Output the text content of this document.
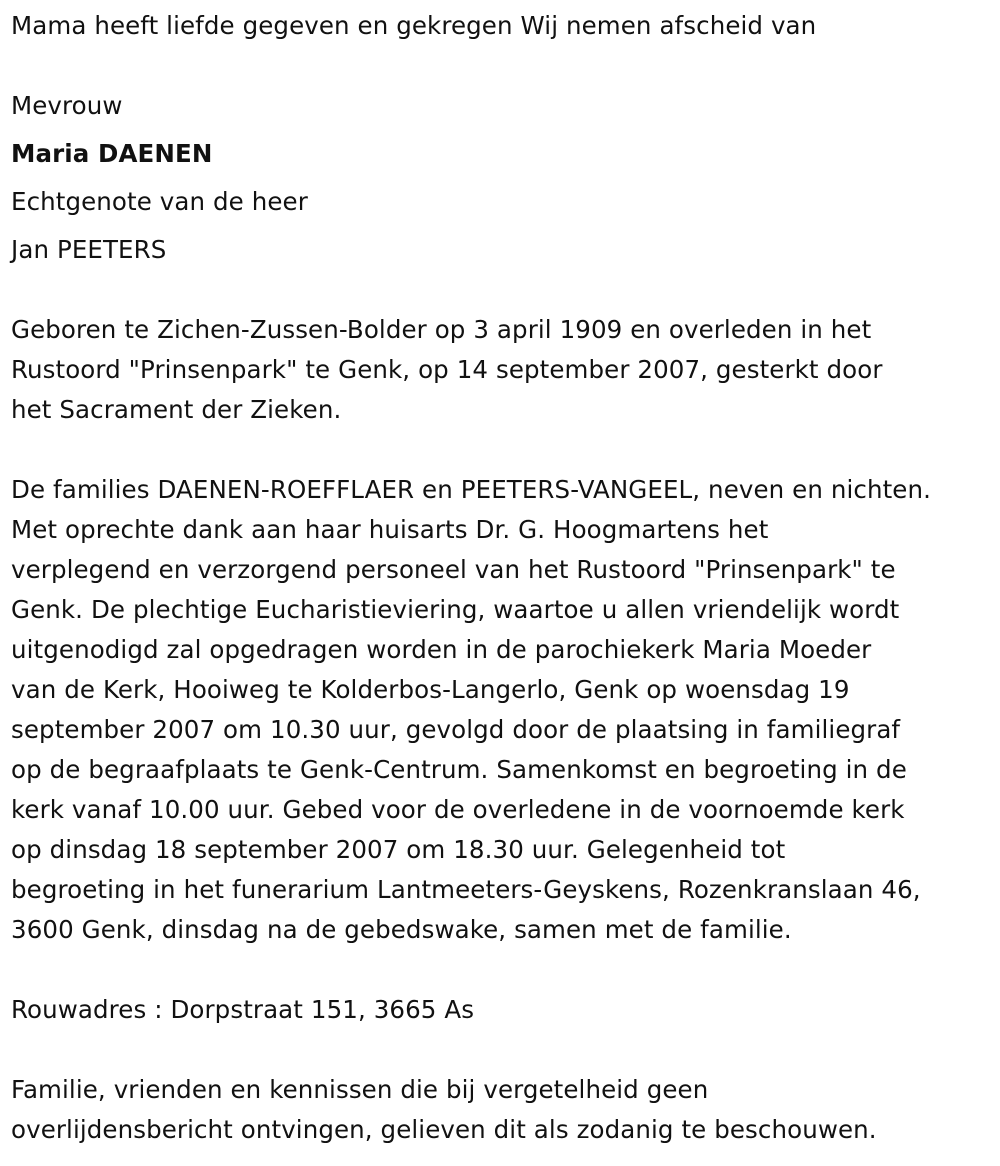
Mama heeft liefde gegeven en gekregen Wij nemen afscheid van
Mevrouw
Maria DAENEN
Echtgenote van de heer
Jan PEETERS
Geboren te Zichen-Zussen-Bolder op 3 april 1909 en overleden in het
Rustoord "Prinsenpark" te Genk, op 14 september 2007, gesterkt door
het Sacrament der Zieken.
De families DAENEN-ROEFFLAER en PEETERS-VANGEEL, neven en nichten.
Met oprechte dank aan haar huisarts Dr. G. Hoogmartens het
verplegend en verzorgend personeel van het Rustoord "Prinsenpark" te
Genk. De plechtige Eucharistieviering, waartoe u allen vriendelijk wordt
uitgenodigd zal opgedragen worden in de parochiekerk Maria Moeder
van de Kerk, Hooiweg te Kolderbos-Langerlo, Genk op woensdag 19
september 2007 om 10.30 uur, gevolgd door de plaatsing in familiegraf
op de begraafplaats te Genk-Centrum. Samenkomst en begroeting in de
kerk vanaf 10.00 uur. Gebed voor de overledene in de voornoemde kerk
op dinsdag 18 september 2007 om 18.30 uur. Gelegenheid tot
begroeting in het funerarium Lantmeeters-Geyskens, Rozenkranslaan 46,
3600 Genk, dinsdag na de gebedswake, samen met de familie.
Rouwadres : Dorpstraat 151, 3665 As
Familie, vrienden en kennissen die bij vergetelheid geen
overlijdensbericht ontvingen, gelieven dit als zodanig te beschouwen.
